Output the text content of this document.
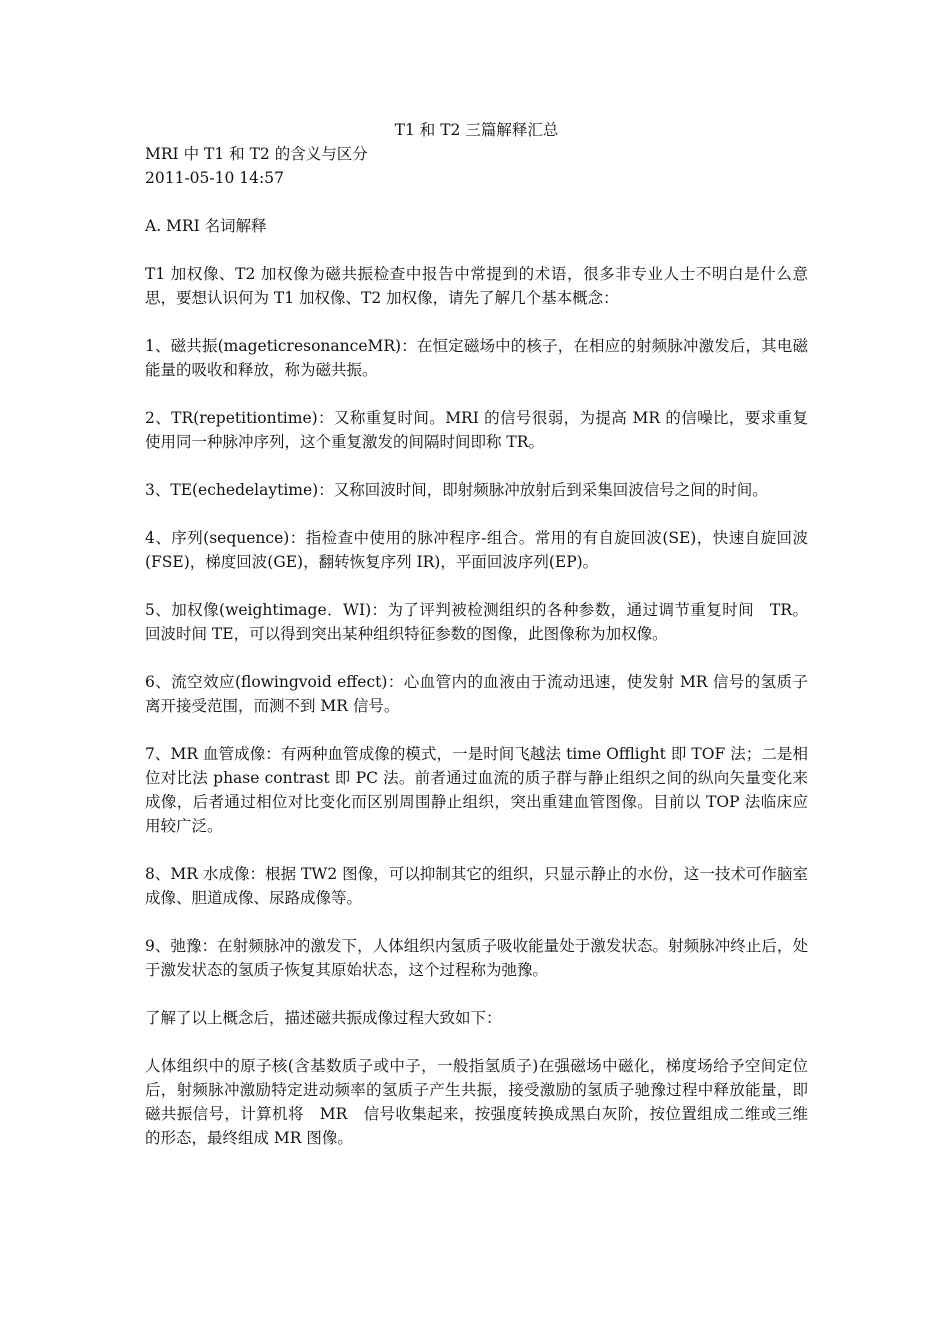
T1 和 T2 三篇解释汇总

MRI 中 T1 和 T2 的含义与区分

2011-05-10 14:57

A. MRI 名词解释

T1 加权像、T2 加权像为磁共振检查中报告中常提到的术语，很多非专业人士不明白是什么意思，要想认识何为 T1 加权像、T2 加权像，请先了解几个基本概念：

1、磁共振(mageticresonanceMR)：在恒定磁场中的核子，在相应的射频脉冲激发后，其电磁能量的吸收和释放，称为磁共振。

2、TR(repetitiontime)：又称重复时间。MRI 的信号很弱，为提高 MR 的信噪比，要求重复使用同一种脉冲序列，这个重复激发的间隔时间即称 TR。

3、TE(echedelaytime)：又称回波时间，即射频脉冲放射后到采集回波信号之间的时间。

4、序列(sequence)：指检查中使用的脉冲程序-组合。常用的有自旋回波(SE)，快速自旋回波(FSE)，梯度回波(GE)，翻转恢复序列 IR)，平面回波序列(EP)。

5、加权像(weightimage．WI)：为了评判被检测组织的各种参数，通过调节重复时间　TR。回波时间 TE，可以得到突出某种组织特征参数的图像，此图像称为加权像。

6、流空效应(flowingvoid effect)：心血管内的血液由于流动迅速，使发射 MR 信号的氢质子离开接受范围，而测不到 MR 信号。

7、MR 血管成像：有两种血管成像的模式，一是时间飞越法 time Offlight 即 TOF 法；二是相位对比法 phase contrast 即 PC 法。前者通过血流的质子群与静止组织之间的纵向矢量变化来成像，后者通过相位对比变化而区别周围静止组织，突出重建血管图像。目前以 TOP 法临床应用较广泛。

8、MR 水成像：根据 TW2 图像，可以抑制其它的组织，只显示静止的水份，这一技术可作脑室成像、胆道成像、尿路成像等。

9、弛豫：在射频脉冲的激发下，人体组织内氢质子吸收能量处于激发状态。射频脉冲终止后，处于激发状态的氢质子恢复其原始状态，这个过程称为弛豫。

了解了以上概念后，描述磁共振成像过程大致如下：

人体组织中的原子核(含基数质子或中子，一般指氢质子)在强磁场中磁化，梯度场给予空间定位后，射频脉冲激励特定进动频率的氢质子产生共振，接受激励的氢质子驰豫过程中释放能量，即磁共振信号，计算机将　MR　信号收集起来，按强度转换成黑白灰阶，按位置组成二维或三维的形态，最终组成 MR 图像。
